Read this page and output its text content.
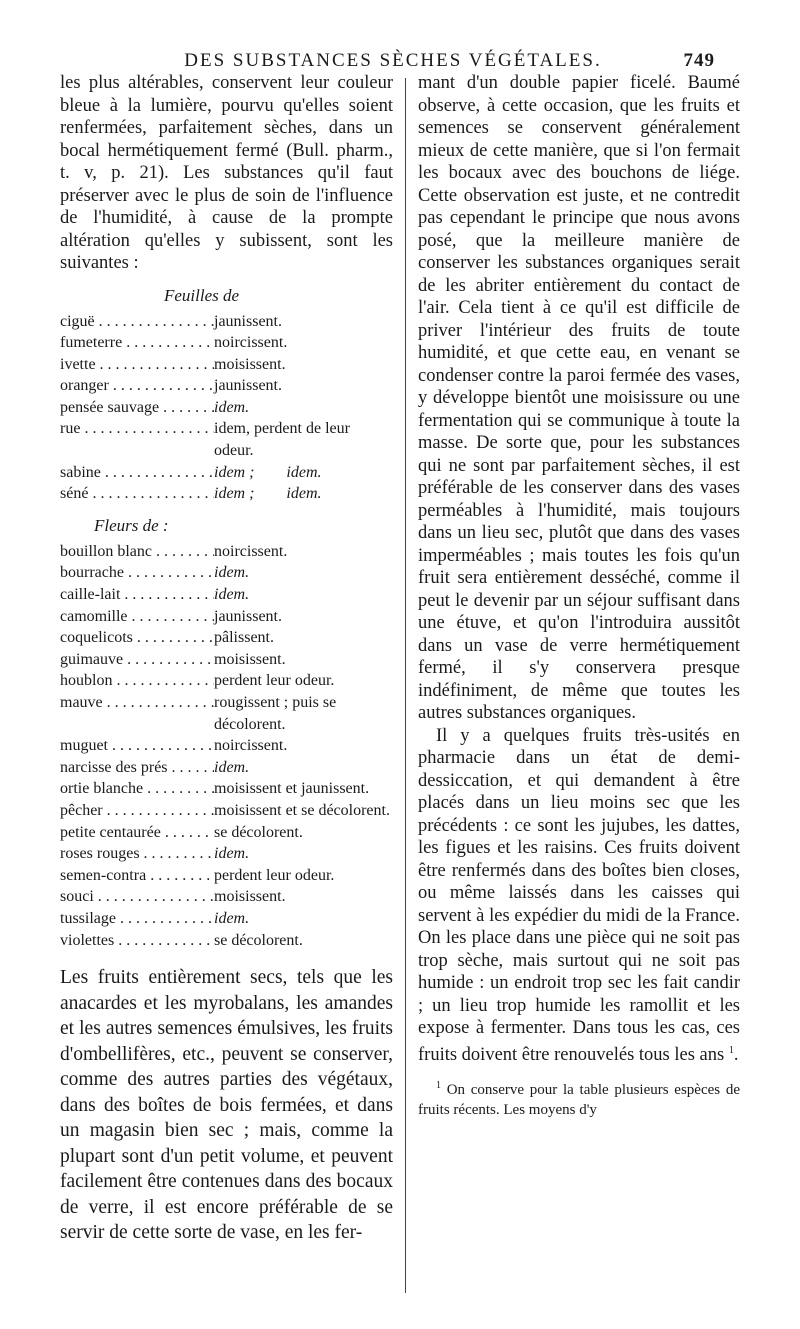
DES SUBSTANCES SÈCHES VÉGÉTALES.	749

les plus altérables, conservent leur couleur bleue à la lumière, pourvu qu'elles soient renfermées, parfaitement sèches, dans un bocal hermétiquement fermé (Bull. pharm., t. v, p. 21). Les substances qu'il faut préserver avec le plus de soin de l'influence de l'humidité, à cause de la prompte altération qu'elles y subissent, sont les suivantes :

Feuilles de
ciguë . . .	jaunissent.
fumeterre . . .	noircissent.
ivette . . .	moisissent.
oranger . . .	jaunissent.
pensée sauvage . . .	idem.
rue . . .	idem, perdent de leur odeur.
sabine . . .	idem ;        idem.
séné . . .	idem ;        idem.
Fleurs de :
bouillon blanc . . .	noircissent.
bourrache . . .	idem.
caille-lait . . .	idem.
camomille . . .	jaunissent.
coquelicots . . .	pâlissent.
guimauve . . .	moisissent.
houblon . . .	perdent leur odeur.
mauve . . .	rougissent ; puis se décolorent.
muguet . . .	noircissent.
narcisse des prés . . .	idem.
ortie blanche . . .	moisissent et jaunissent.
pêcher . . .	moisissent et se décolorent.
petite centaurée . . .	se décolorent.
roses rouges . . .	idem.
semen-contra . . .	perdent leur odeur.
souci . . .	moisissent.
tussilage . . .	idem.
violettes . . .	se décolorent.

Les fruits entièrement secs, tels que les anacardes et les myrobalans, les amandes et les autres semences émulsives, les fruits d'ombellifères, etc., peuvent se conserver, comme des autres parties des végétaux, dans des boîtes de bois fermées, et dans un magasin bien sec ; mais, comme la plupart sont d'un petit volume, et peuvent facilement être contenues dans des bocaux de verre, il est encore préférable de se servir de cette sorte de vase, en les fer-

mant d'un double papier ficelé. Baumé observe, à cette occasion, que les fruits et semences se conservent généralement mieux de cette manière, que si l'on fermait les bocaux avec des bouchons de liége. Cette observation est juste, et ne contredit pas cependant le principe que nous avons posé, que la meilleure manière de conserver les substances organiques serait de les abriter entièrement du contact de l'air. Cela tient à ce qu'il est difficile de priver l'intérieur des fruits de toute humidité, et que cette eau, en venant se condenser contre la paroi fermée des vases, y développe bientôt une moisissure ou une fermentation qui se communique à toute la masse. De sorte que, pour les substances qui ne sont par parfaitement sèches, il est préférable de les conserver dans des vases perméables à l'humidité, mais toujours dans un lieu sec, plutôt que dans des vases imperméables ; mais toutes les fois qu'un fruit sera entièrement desséché, comme il peut le devenir par un séjour suffisant dans une étuve, et qu'on l'introduira aussitôt dans un vase de verre hermétiquement fermé, il s'y conservera presque indéfiniment, de même que toutes les autres substances organiques.

Il y a quelques fruits très-usités en pharmacie dans un état de demi-dessiccation, et qui demandent à être placés dans un lieu moins sec que les précédents : ce sont les jujubes, les dattes, les figues et les raisins. Ces fruits doivent être renfermés dans des boîtes bien closes, ou même laissés dans les caisses qui servent à les expédier du midi de la France. On les place dans une pièce qui ne soit pas trop sèche, mais surtout qui ne soit pas humide : un endroit trop sec les fait candir ; un lieu trop humide les ramollit et les expose à fermenter. Dans tous les cas, ces fruits doivent être renouvelés tous les ans $^1$.

$^1$ On conserve pour la table plusieurs espèces de fruits récents. Les moyens d'y
